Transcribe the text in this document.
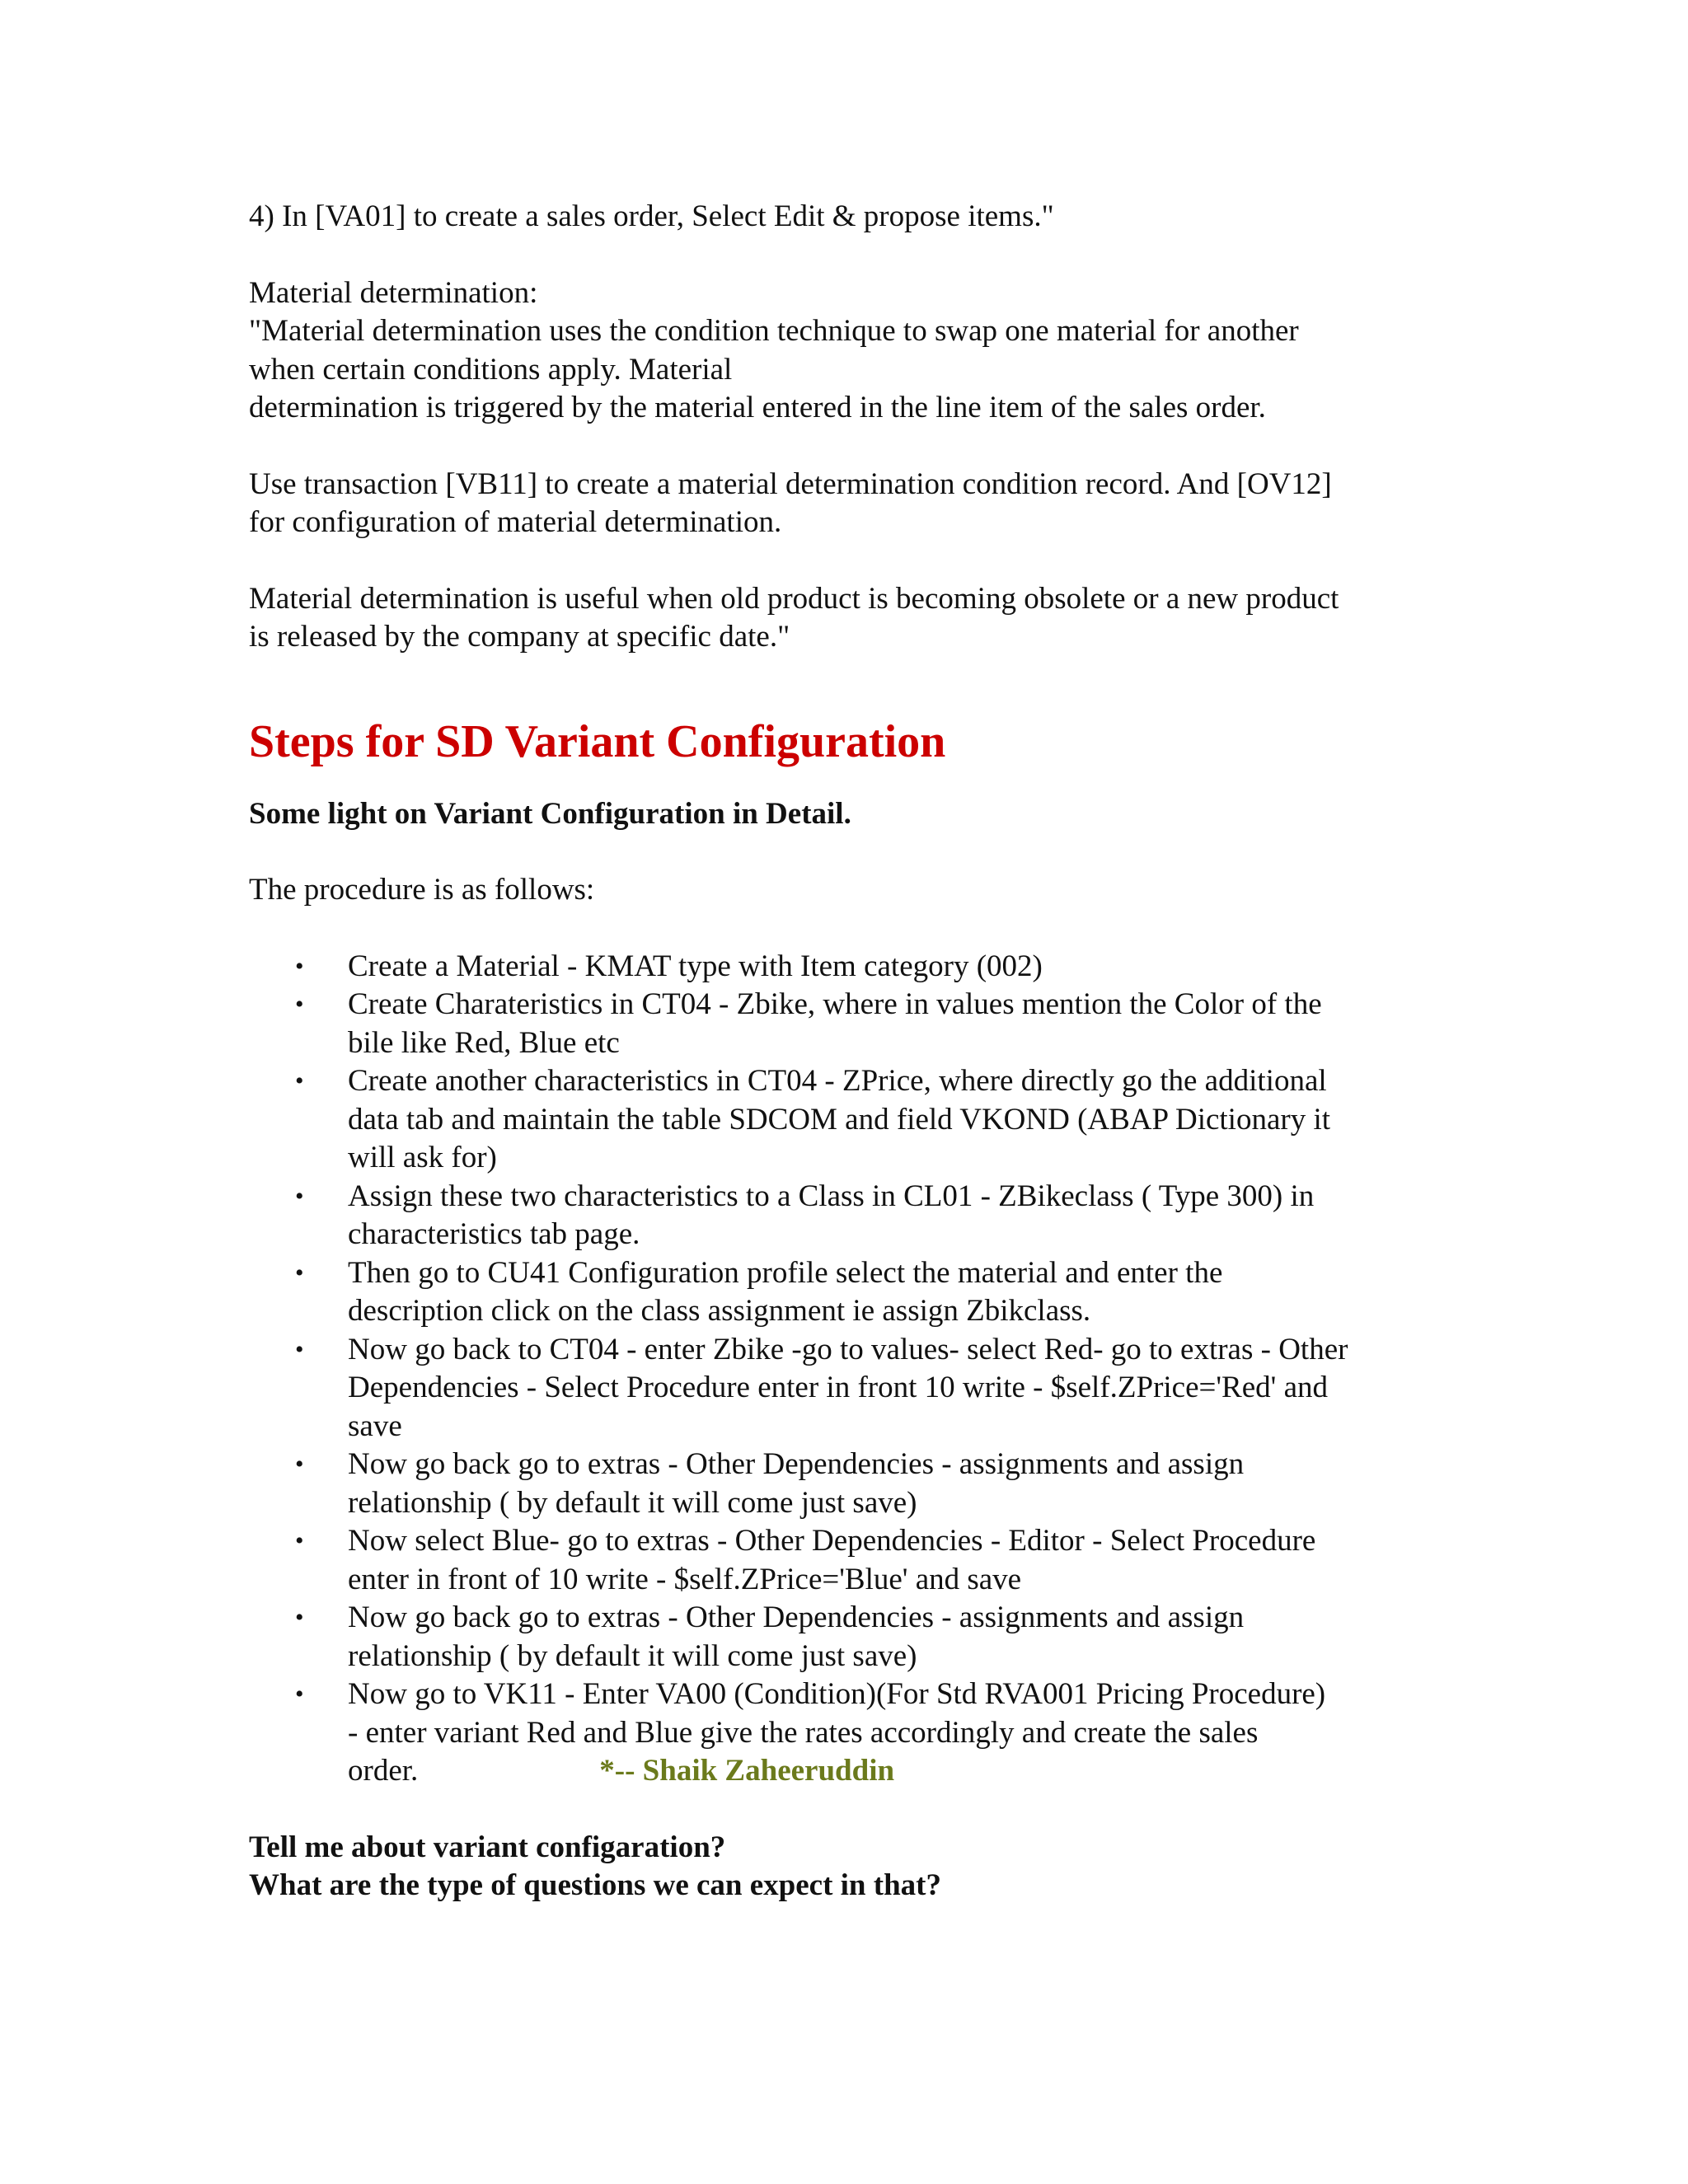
4) In [VA01] to create a sales order, Select Edit & propose items."

Material determination:

"Material determination uses the condition technique to swap one material for another

when certain conditions apply. Material

determination is triggered by the material entered in the line item of the sales order.

Use transaction [VB11] to create a material determination condition record. And [OV12]

for configuration of material determination.

Material determination is useful when old product is becoming obsolete or a new product

is released by the company at specific date."

Steps for SD Variant Configuration

Some light on Variant Configuration in Detail.

The procedure is as follows:

• Create a Material - KMAT type with Item category (002)
• Create Charateristics in CT04 - Zbike, where in values mention the Color of the
bile like Red, Blue etc
• Create another characteristics in CT04 - ZPrice, where directly go the additional
data tab and maintain the table SDCOM and field VKOND (ABAP Dictionary it
will ask for)
• Assign these two characteristics to a Class in CL01 - ZBikeclass ( Type 300) in
characteristics tab page.
• Then go to CU41 Configuration profile select the material and enter the
description click on the class assignment ie assign Zbikclass.
• Now go back to CT04 - enter Zbike -go to values- select Red- go to extras - Other
Dependencies - Select Procedure enter in front 10 write - $self.ZPrice='Red' and
save
• Now go back go to extras - Other Dependencies - assignments and assign
relationship ( by default it will come just save)
• Now select Blue- go to extras - Other Dependencies - Editor - Select Procedure
enter in front of 10 write - $self.ZPrice='Blue' and save
• Now go back go to extras - Other Dependencies - assignments and assign
relationship ( by default it will come just save)
• Now go to VK11 - Enter VA00 (Condition)(For Std RVA001 Pricing Procedure)
- enter variant Red and Blue give the rates accordingly and create the sales
order.	*-- Shaik Zaheeruddin

Tell me about variant configaration?

What are the type of questions we can expect in that?
